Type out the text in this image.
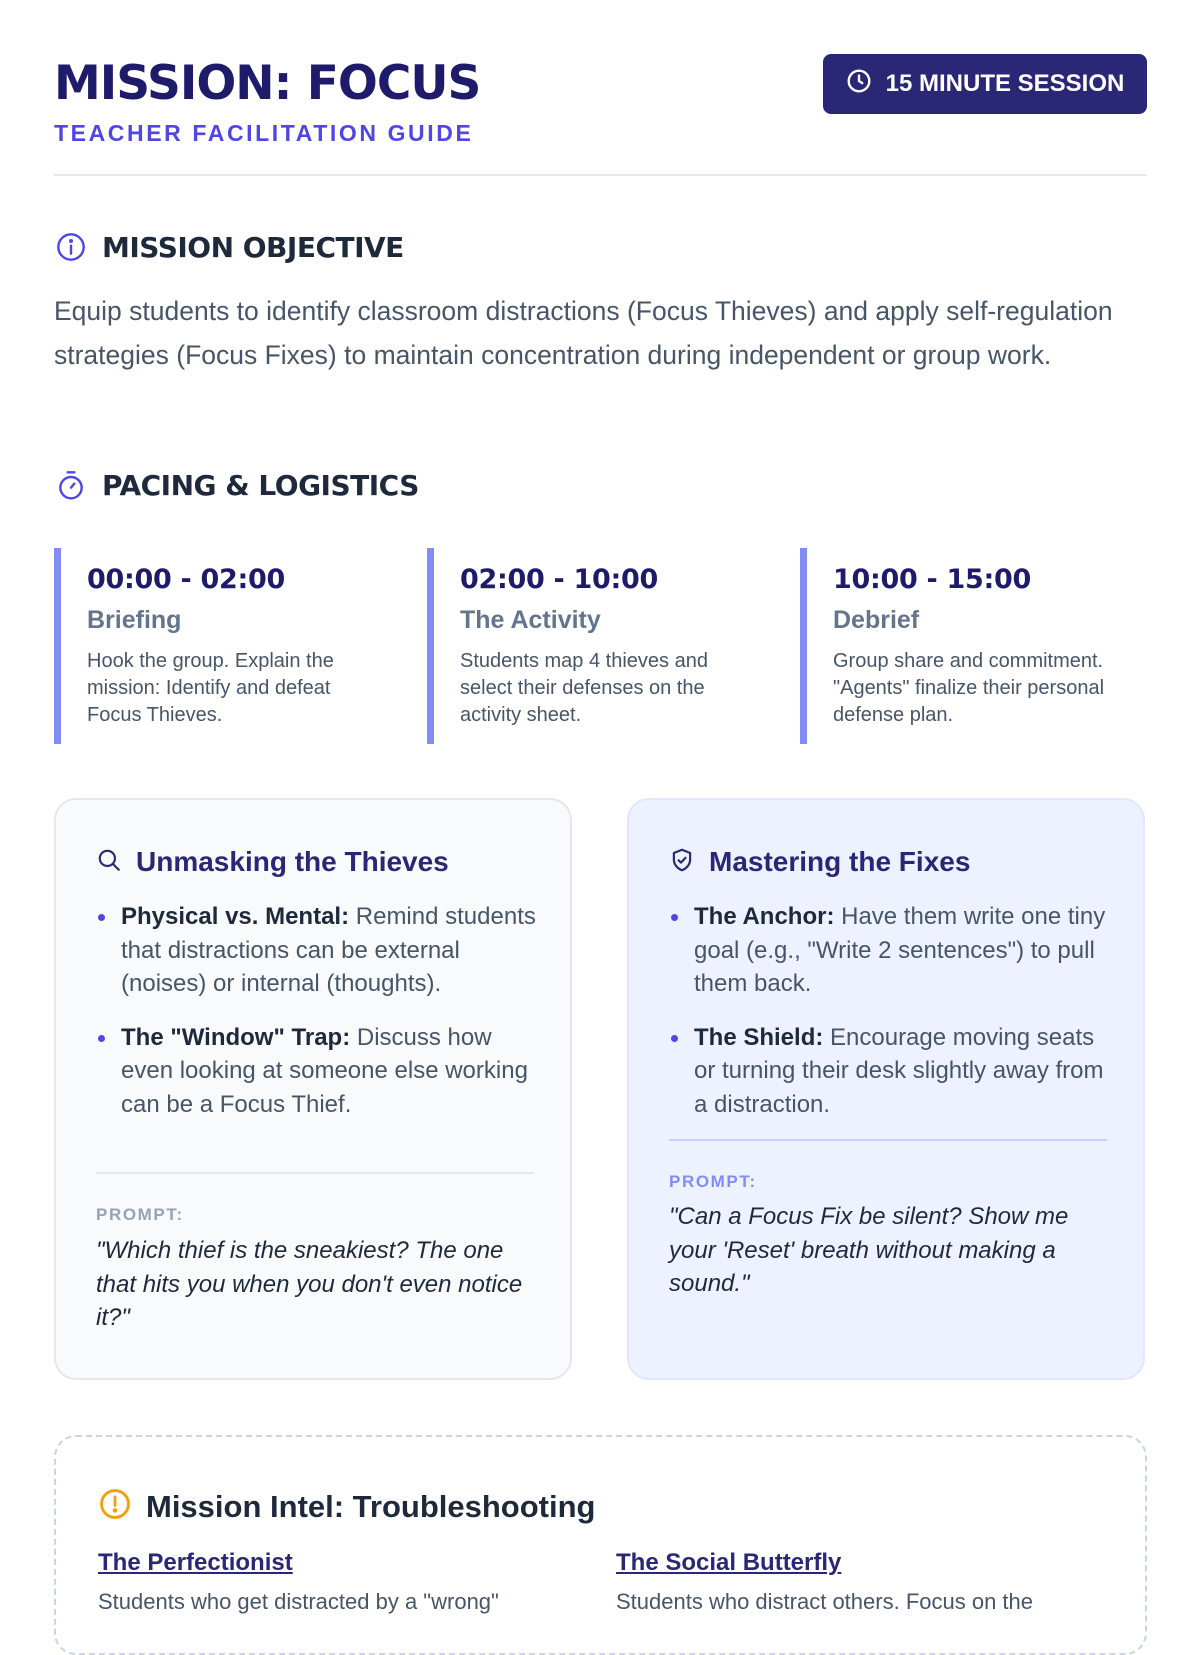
MISSION: FOCUS
TEACHER FACILITATION GUIDE
15 MINUTE SESSION
MISSION OBJECTIVE
Equip students to identify classroom distractions (Focus Thieves) and apply self-regulation strategies (Focus Fixes) to maintain concentration during independent or group work.
PACING & LOGISTICS
00:00 - 02:00
Briefing
Hook the group. Explain the mission: Identify and defeat Focus Thieves.
02:00 - 10:00
The Activity
Students map 4 thieves and select their defenses on the activity sheet.
10:00 - 15:00
Debrief
Group share and commitment. "Agents" finalize their personal defense plan.
Unmasking the Thieves
Physical vs. Mental: Remind students that distractions can be external (noises) or internal (thoughts).
The "Window" Trap: Discuss how even looking at someone else working can be a Focus Thief.
PROMPT:
"Which thief is the sneakiest? The one that hits you when you don't even notice it?"
Mastering the Fixes
The Anchor: Have them write one tiny goal (e.g., "Write 2 sentences") to pull them back.
The Shield: Encourage moving seats or turning their desk slightly away from a distraction.
PROMPT:
"Can a Focus Fix be silent? Show me your 'Reset' breath without making a sound."
Mission Intel: Troubleshooting
The Perfectionist
Students who get distracted by a "wrong"
The Social Butterfly
Students who distract others. Focus on the
